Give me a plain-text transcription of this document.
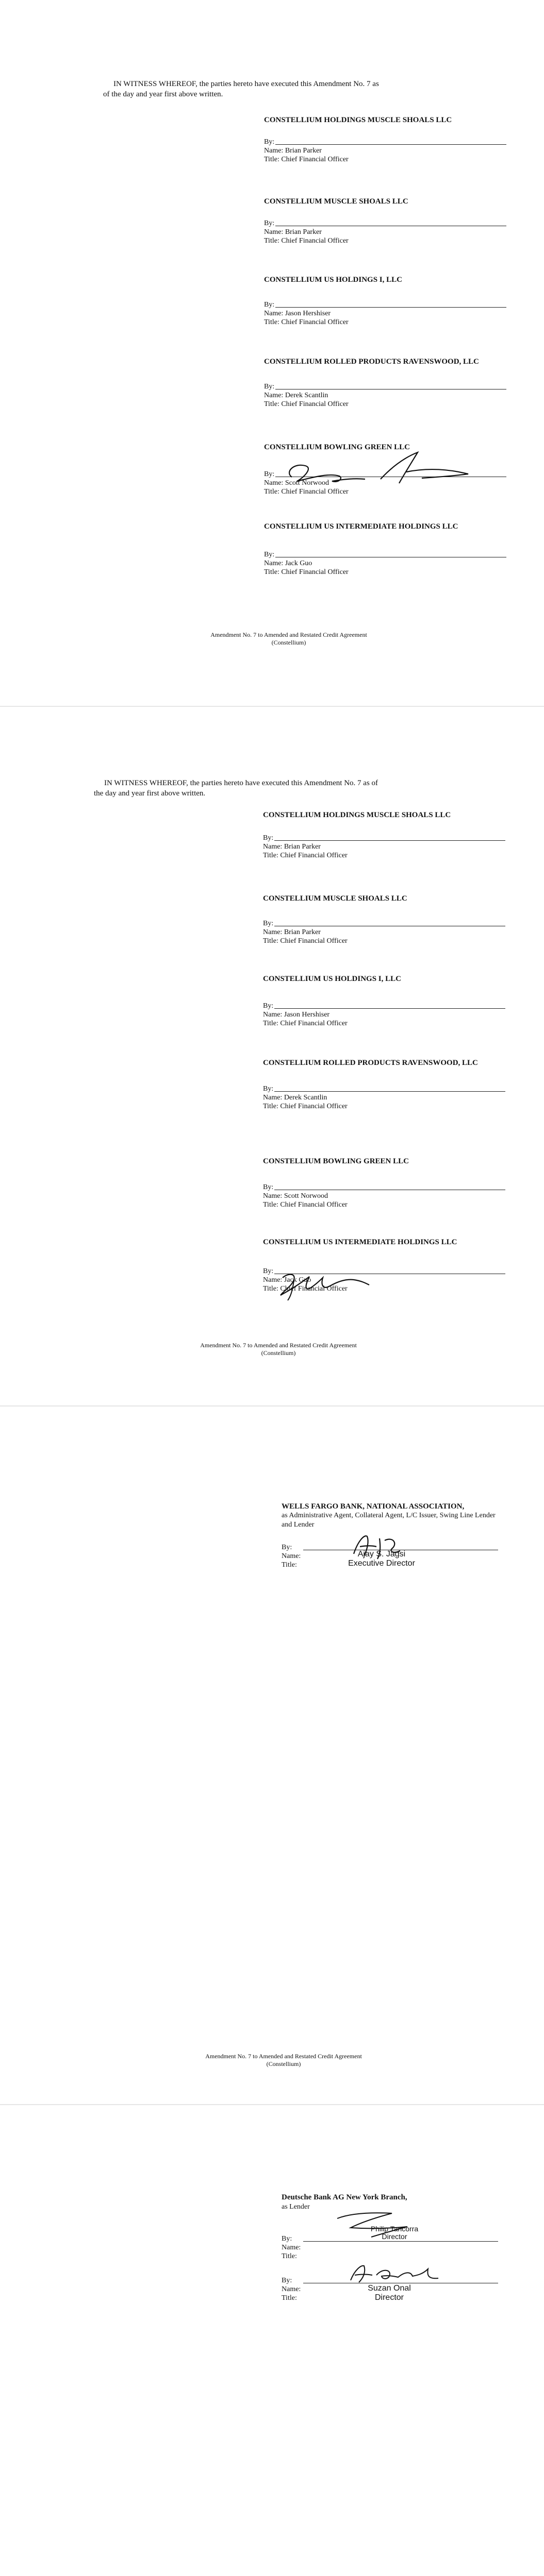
IN WITNESS WHEREOF, the parties hereto have executed this Amendment No. 7 as of the day and year first above written.
CONSTELLIUM HOLDINGS MUSCLE SHOALS LLC
By:
Name: Brian Parker
Title: Chief Financial Officer
CONSTELLIUM MUSCLE SHOALS LLC
By:
Name: Brian Parker
Title: Chief Financial Officer
CONSTELLIUM US HOLDINGS I, LLC
By:
Name: Jason Hershiser
Title: Chief Financial Officer
CONSTELLIUM ROLLED PRODUCTS RAVENSWOOD, LLC
By:
Name: Derek Scantlin
Title: Chief Financial Officer
CONSTELLIUM BOWLING GREEN LLC
By:
Name: Scott Norwood
Title: Chief Financial Officer
CONSTELLIUM US INTERMEDIATE HOLDINGS LLC
By:
Name: Jack Guo
Title: Chief Financial Officer
Amendment No. 7 to Amended and Restated Credit Agreement
(Constellium)
IN WITNESS WHEREOF, the parties hereto have executed this Amendment No. 7 as of the day and year first above written.
CONSTELLIUM HOLDINGS MUSCLE SHOALS LLC
By:
Name: Brian Parker
Title: Chief Financial Officer
CONSTELLIUM MUSCLE SHOALS LLC
By:
Name: Brian Parker
Title: Chief Financial Officer
CONSTELLIUM US HOLDINGS I, LLC
By:
Name: Jason Hershiser
Title: Chief Financial Officer
CONSTELLIUM ROLLED PRODUCTS RAVENSWOOD, LLC
By:
Name: Derek Scantlin
Title: Chief Financial Officer
CONSTELLIUM BOWLING GREEN LLC
By:
Name: Scott Norwood
Title: Chief Financial Officer
CONSTELLIUM US INTERMEDIATE HOLDINGS LLC
By:
Name: Jack Guo
Title: Chief Financial Officer
Amendment No. 7 to Amended and Restated Credit Agreement
(Constellium)
WELLS FARGO BANK, NATIONAL ASSOCIATION,
as Administrative Agent, Collateral Agent, L/C Issuer, Swing Line Lender and Lender
By:
Name:
Title:
Ajay S. Jagsi
Executive Director
Amendment No. 7 to Amended and Restated Credit Agreement
(Constellium)
Deutsche Bank AG New York Branch,
as Lender
By:
Name:
Title:
By:
Name:
Title:
Philip Tancorra
Director
Suzan Onal
Director
